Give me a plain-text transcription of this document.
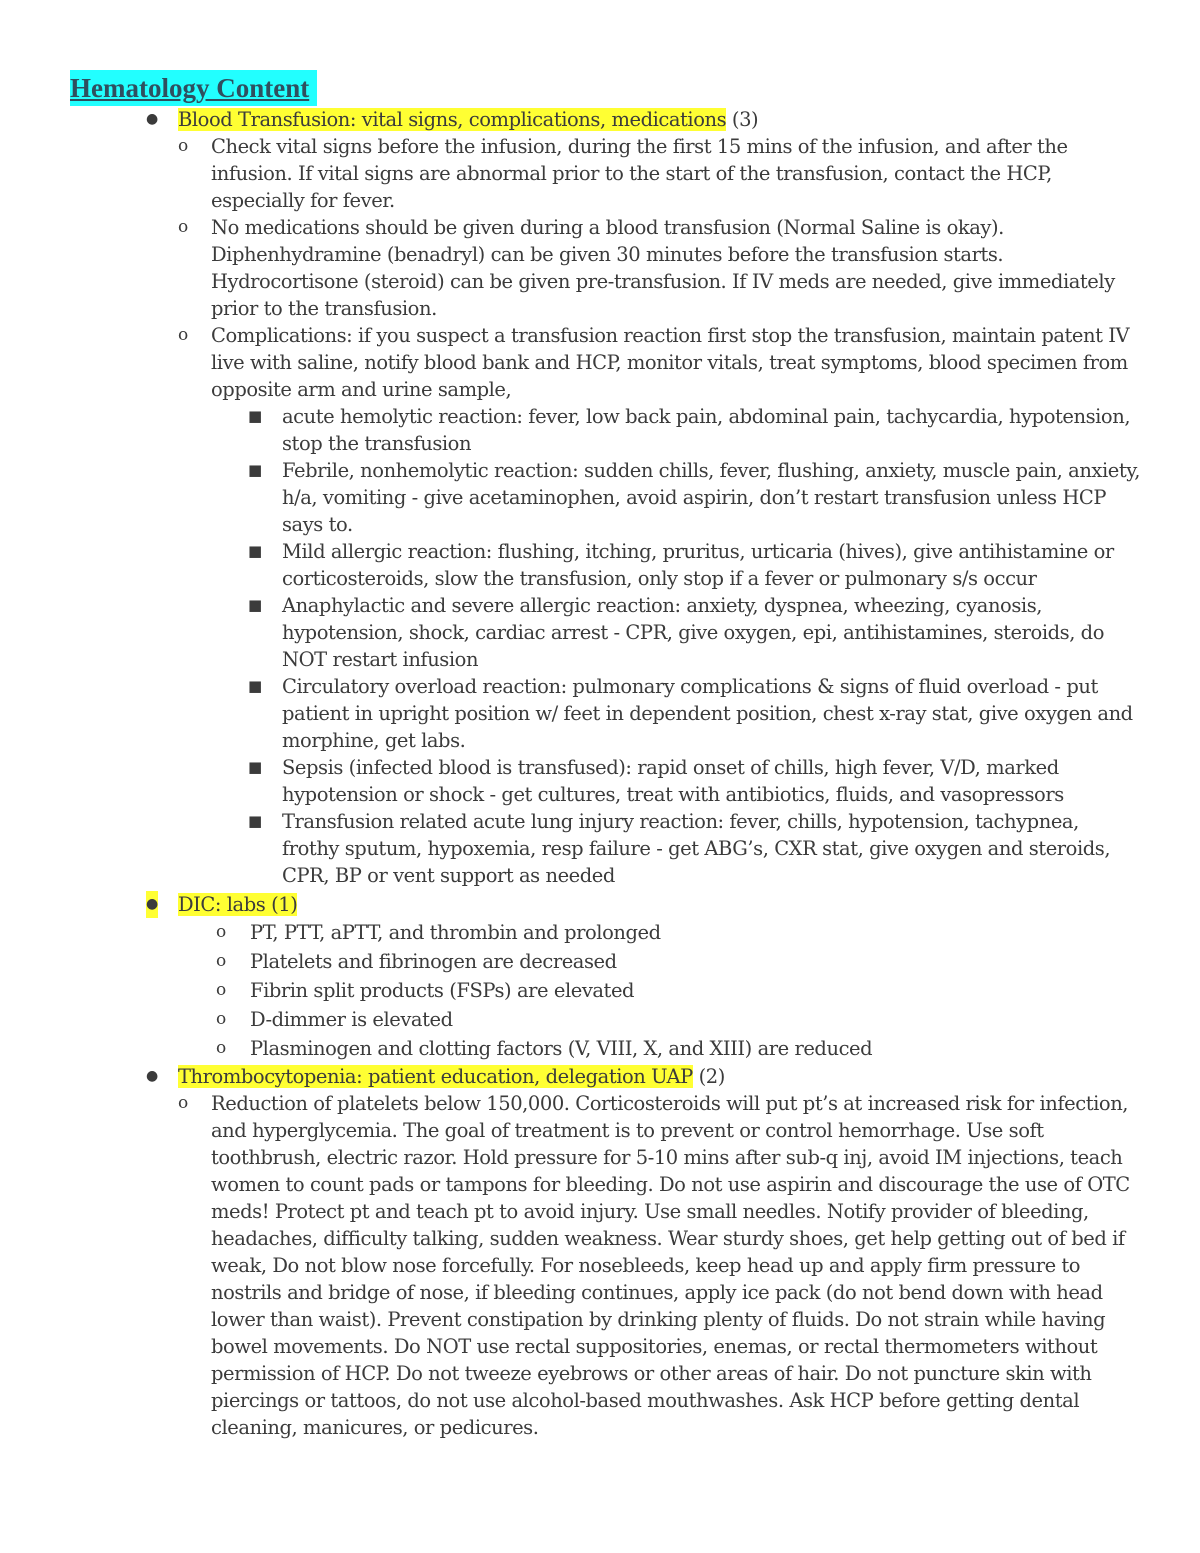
Hematology Content
● Blood Transfusion: vital signs, complications, medications (3)
o Check vital signs before the infusion, during the first 15 mins of the infusion, and after the infusion. If vital signs are abnormal prior to the start of the transfusion, contact the HCP, especially for fever.
o No medications should be given during a blood transfusion (Normal Saline is okay). Diphenhydramine (benadryl) can be given 30 minutes before the transfusion starts. Hydrocortisone (steroid) can be given pre-transfusion. If IV meds are needed, give immediately prior to the transfusion.
o Complications: if you suspect a transfusion reaction first stop the transfusion, maintain patent IV live with saline, notify blood bank and HCP, monitor vitals, treat symptoms, blood specimen from opposite arm and urine sample,
■ acute hemolytic reaction: fever, low back pain, abdominal pain, tachycardia, hypotension, stop the transfusion
■ Febrile, nonhemolytic reaction: sudden chills, fever, flushing, anxiety, muscle pain, anxiety, h/a, vomiting - give acetaminophen, avoid aspirin, don’t restart transfusion unless HCP says to.
■ Mild allergic reaction: flushing, itching, pruritus, urticaria (hives), give antihistamine or corticosteroids, slow the transfusion, only stop if a fever or pulmonary s/s occur
■ Anaphylactic and severe allergic reaction: anxiety, dyspnea, wheezing, cyanosis, hypotension, shock, cardiac arrest - CPR, give oxygen, epi, antihistamines, steroids, do NOT restart infusion
■ Circulatory overload reaction: pulmonary complications & signs of fluid overload - put patient in upright position w/ feet in dependent position, chest x-ray stat, give oxygen and morphine, get labs.
■ Sepsis (infected blood is transfused): rapid onset of chills, high fever, V/D, marked hypotension or shock - get cultures, treat with antibiotics, fluids, and vasopressors
■ Transfusion related acute lung injury reaction: fever, chills, hypotension, tachypnea, frothy sputum, hypoxemia, resp failure - get ABG’s, CXR stat, give oxygen and steroids, CPR, BP or vent support as needed
● DIC: labs (1)
o PT, PTT, aPTT, and thrombin and prolonged
o Platelets and fibrinogen are decreased
o Fibrin split products (FSPs) are elevated
o D-dimmer is elevated
o Plasminogen and clotting factors (V, VIII, X, and XIII) are reduced
● Thrombocytopenia: patient education, delegation UAP (2)
o Reduction of platelets below 150,000. Corticosteroids will put pt’s at increased risk for infection, and hyperglycemia. The goal of treatment is to prevent or control hemorrhage. Use soft toothbrush, electric razor. Hold pressure for 5-10 mins after sub-q inj, avoid IM injections, teach women to count pads or tampons for bleeding. Do not use aspirin and discourage the use of OTC meds! Protect pt and teach pt to avoid injury. Use small needles. Notify provider of bleeding, headaches, difficulty talking, sudden weakness. Wear sturdy shoes, get help getting out of bed if weak, Do not blow nose forcefully. For nosebleeds, keep head up and apply firm pressure to nostrils and bridge of nose, if bleeding continues, apply ice pack (do not bend down with head lower than waist). Prevent constipation by drinking plenty of fluids. Do not strain while having bowel movements. Do NOT use rectal suppositories, enemas, or rectal thermometers without permission of HCP. Do not tweeze eyebrows or other areas of hair. Do not puncture skin with piercings or tattoos, do not use alcohol-based mouthwashes. Ask HCP before getting dental cleaning, manicures, or pedicures.
